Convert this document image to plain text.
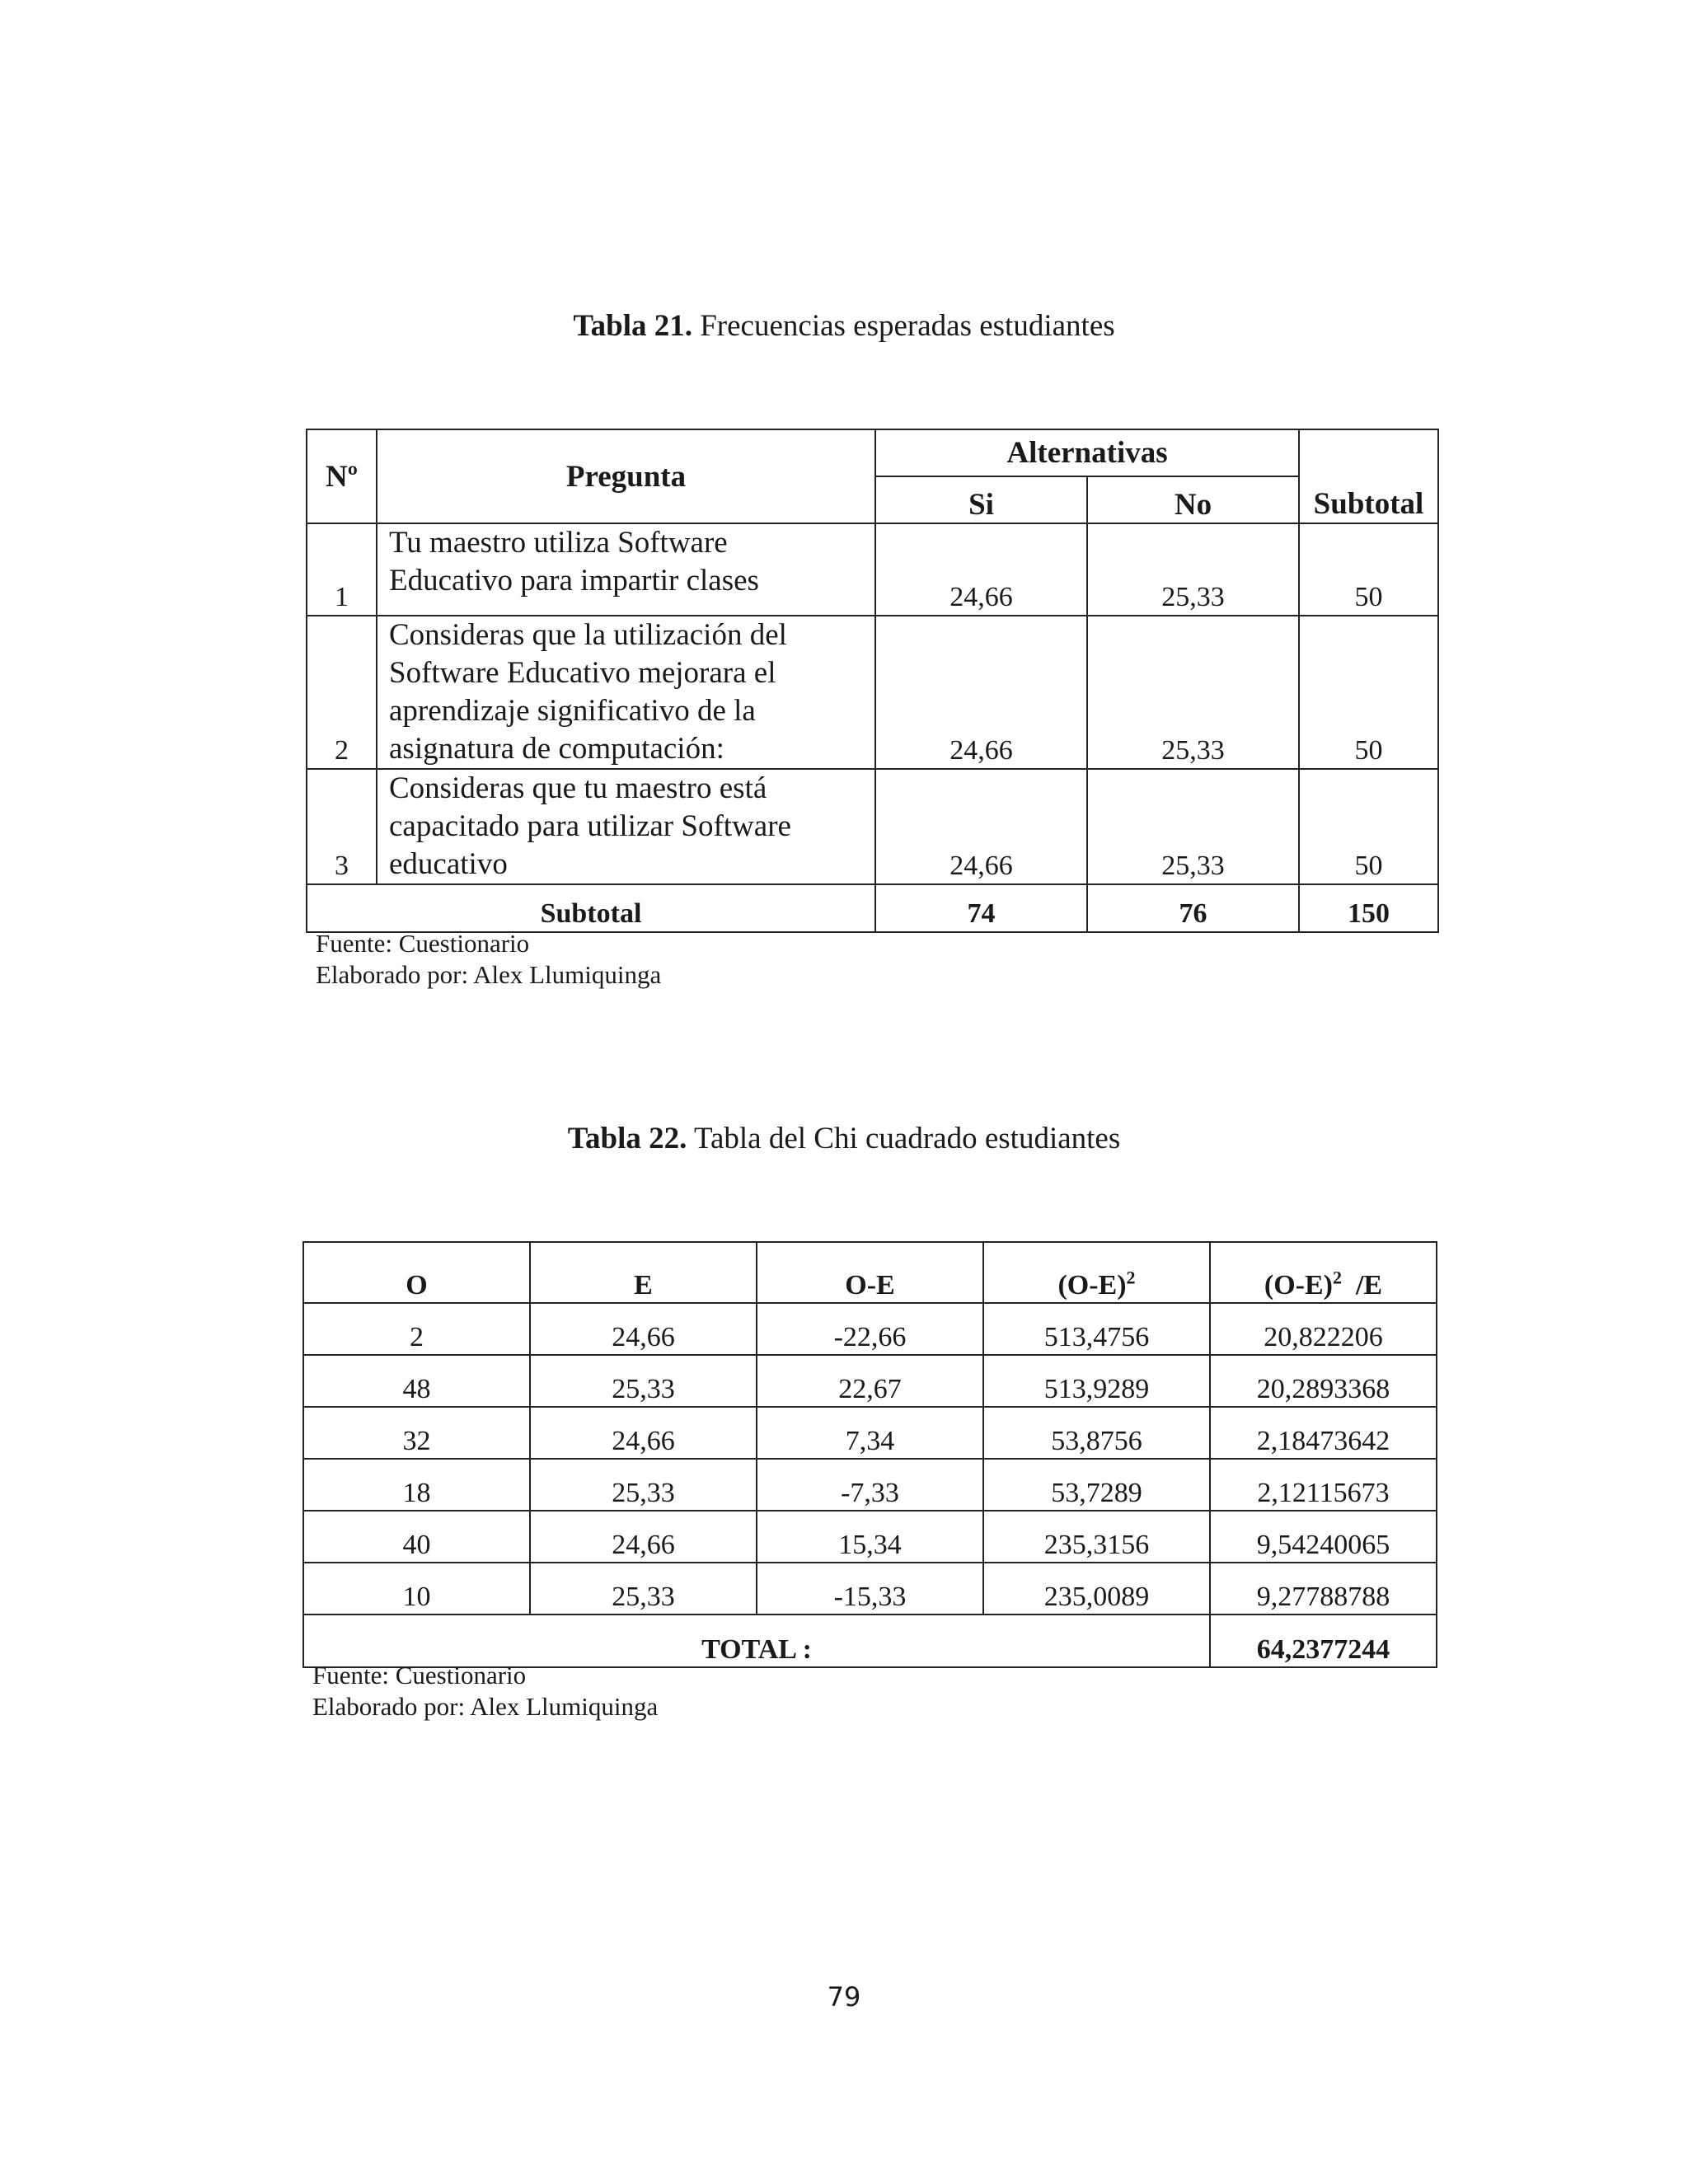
Tabla 21. Frecuencias esperadas estudiantes
Nº	Pregunta	Alternativas		Subtotal
		Si	No	
1	Tu maestro utiliza Software
Educativo para impartir clases	24,66	25,33	50
2	Consideras que la utilización del
Software Educativo mejorara el
aprendizaje significativo de la
asignatura de computación:	24,66	25,33	50
3	Consideras que tu maestro está
capacitado para utilizar Software
educativo	24,66	25,33	50
Subtotal		74	76	150
Fuente: Cuestionario
Elaborado por: Alex Llumiquinga
Tabla 22. Tabla del Chi cuadrado estudiantes
O	E	O-E	$(O-E)^2$	$(O-E)^2$  /E
2	24,66	-22,66	513,4756	20,822206
48	25,33	22,67	513,9289	20,2893368
32	24,66	7,34	53,8756	2,18473642
18	25,33	-7,33	53,7289	2,12115673
40	24,66	15,34	235,3156	9,54240065
10	25,33	-15,33	235,0089	9,27788788
TOTAL :				64,2377244
Fuente: Cuestionario
Elaborado por: Alex Llumiquinga
79
